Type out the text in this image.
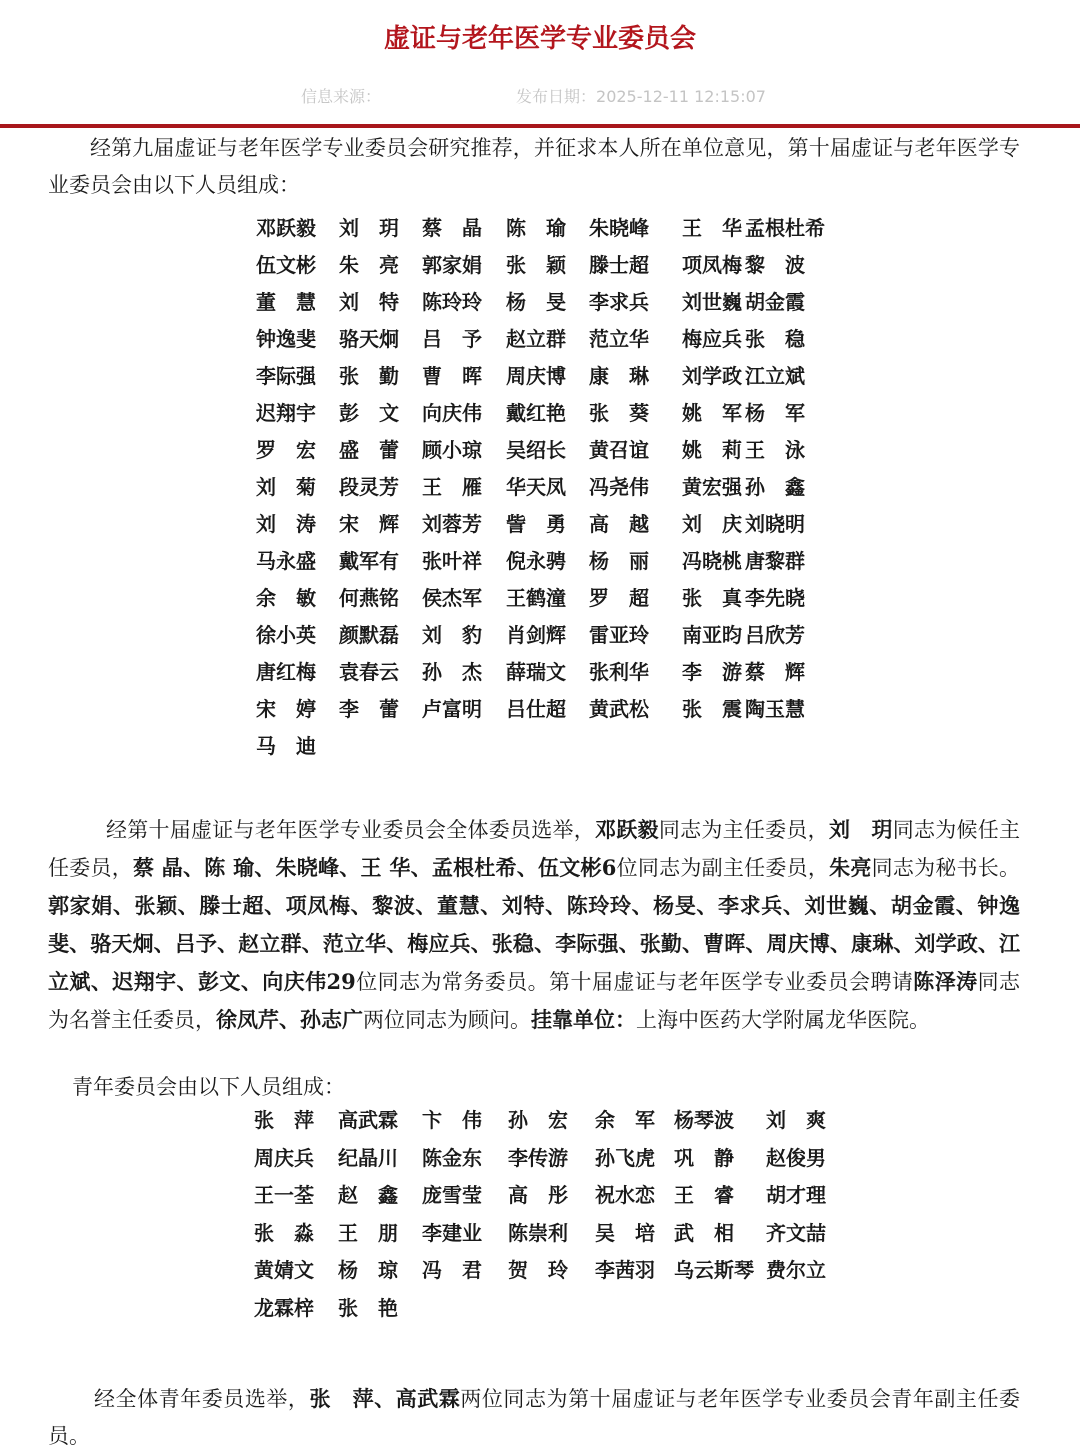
虚证与老年医学专业委员会
信息来源：	发布日期：2025-12-11 12:15:07

经第九届虚证与老年医学专业委员会研究推荐，并征求本人所在单位意见，第十届虚证与老年医学专业委员会由以下人员组成：

邓跃毅 刘　玥 蔡　晶 陈　瑜 朱晓峰 王　华 孟根杜希
伍文彬 朱　亮 郭家娟 张　颖 滕士超 项凤梅 黎　波
董　慧 刘　特 陈玲玲 杨　旻 李求兵 刘世巍 胡金霞
钟逸斐 骆天炯 吕　予 赵立群 范立华 梅应兵 张　稳
李际强 张　勤 曹　晖 周庆博 康　琳 刘学政 江立斌
迟翔宇 彭　文 向庆伟 戴红艳 张　葵 姚　军 杨　军
罗　宏 盛　蕾 顾小琼 吴绍长 黄召谊 姚　莉 王　泳
刘　菊 段灵芳 王　雁 华天凤 冯尧伟 黄宏强 孙　鑫
刘　涛 宋　辉 刘蓉芳 訾　勇 高　越 刘　庆 刘晓明
马永盛 戴军有 张叶祥 倪永骋 杨　丽 冯晓桃 唐黎群
余　敏 何燕铭 侯杰军 王鹤潼 罗　超 张　真 李先晓
徐小英 颜默磊 刘　豹 肖剑辉 雷亚玲 南亚昀 吕欣芳
唐红梅 袁春云 孙　杰 薛瑞文 张利华 李　游 蔡　辉
宋　婷 李　蕾 卢富明 吕仕超 黄武松 张　震 陶玉慧
马　迪

经第十届虚证与老年医学专业委员会全体委员选举，邓跃毅同志为主任委员，刘　玥同志为候任主任委员，蔡 晶、陈 瑜、朱晓峰、王 华、孟根杜希、伍文彬6位同志为副主任委员，朱亮同志为秘书长。郭家娟、张颖、滕士超、项凤梅、黎波、董慧、刘特、陈玲玲、杨旻、李求兵、刘世巍、胡金霞、钟逸斐、骆天炯、吕予、赵立群、范立华、梅应兵、张稳、李际强、张勤、曹晖、周庆博、康琳、刘学政、江立斌、迟翔宇、彭文、向庆伟29位同志为常务委员。第十届虚证与老年医学专业委员会聘请陈泽涛同志为名誉主任委员，徐凤芹、孙志广两位同志为顾问。挂靠单位：上海中医药大学附属龙华医院。

青年委员会由以下人员组成：

张　萍 高武霖 卞　伟 孙　宏 余　军 杨琴波 刘　爽
周庆兵 纪晶川 陈金东 李传游 孙飞虎 巩　静 赵俊男
王一荃 赵　鑫 庞雪莹 高　彤 祝水恋 王　睿 胡才理
张　淼 王　朋 李建业 陈崇利 吴　培 武　相 齐文喆
黄婧文 杨　琼 冯　君 贺　玲 李茜羽 乌云斯琴 费尔立
龙霖梓 张　艳

经全体青年委员选举，张　萍、高武霖两位同志为第十届虚证与老年医学专业委员会青年副主任委员。
